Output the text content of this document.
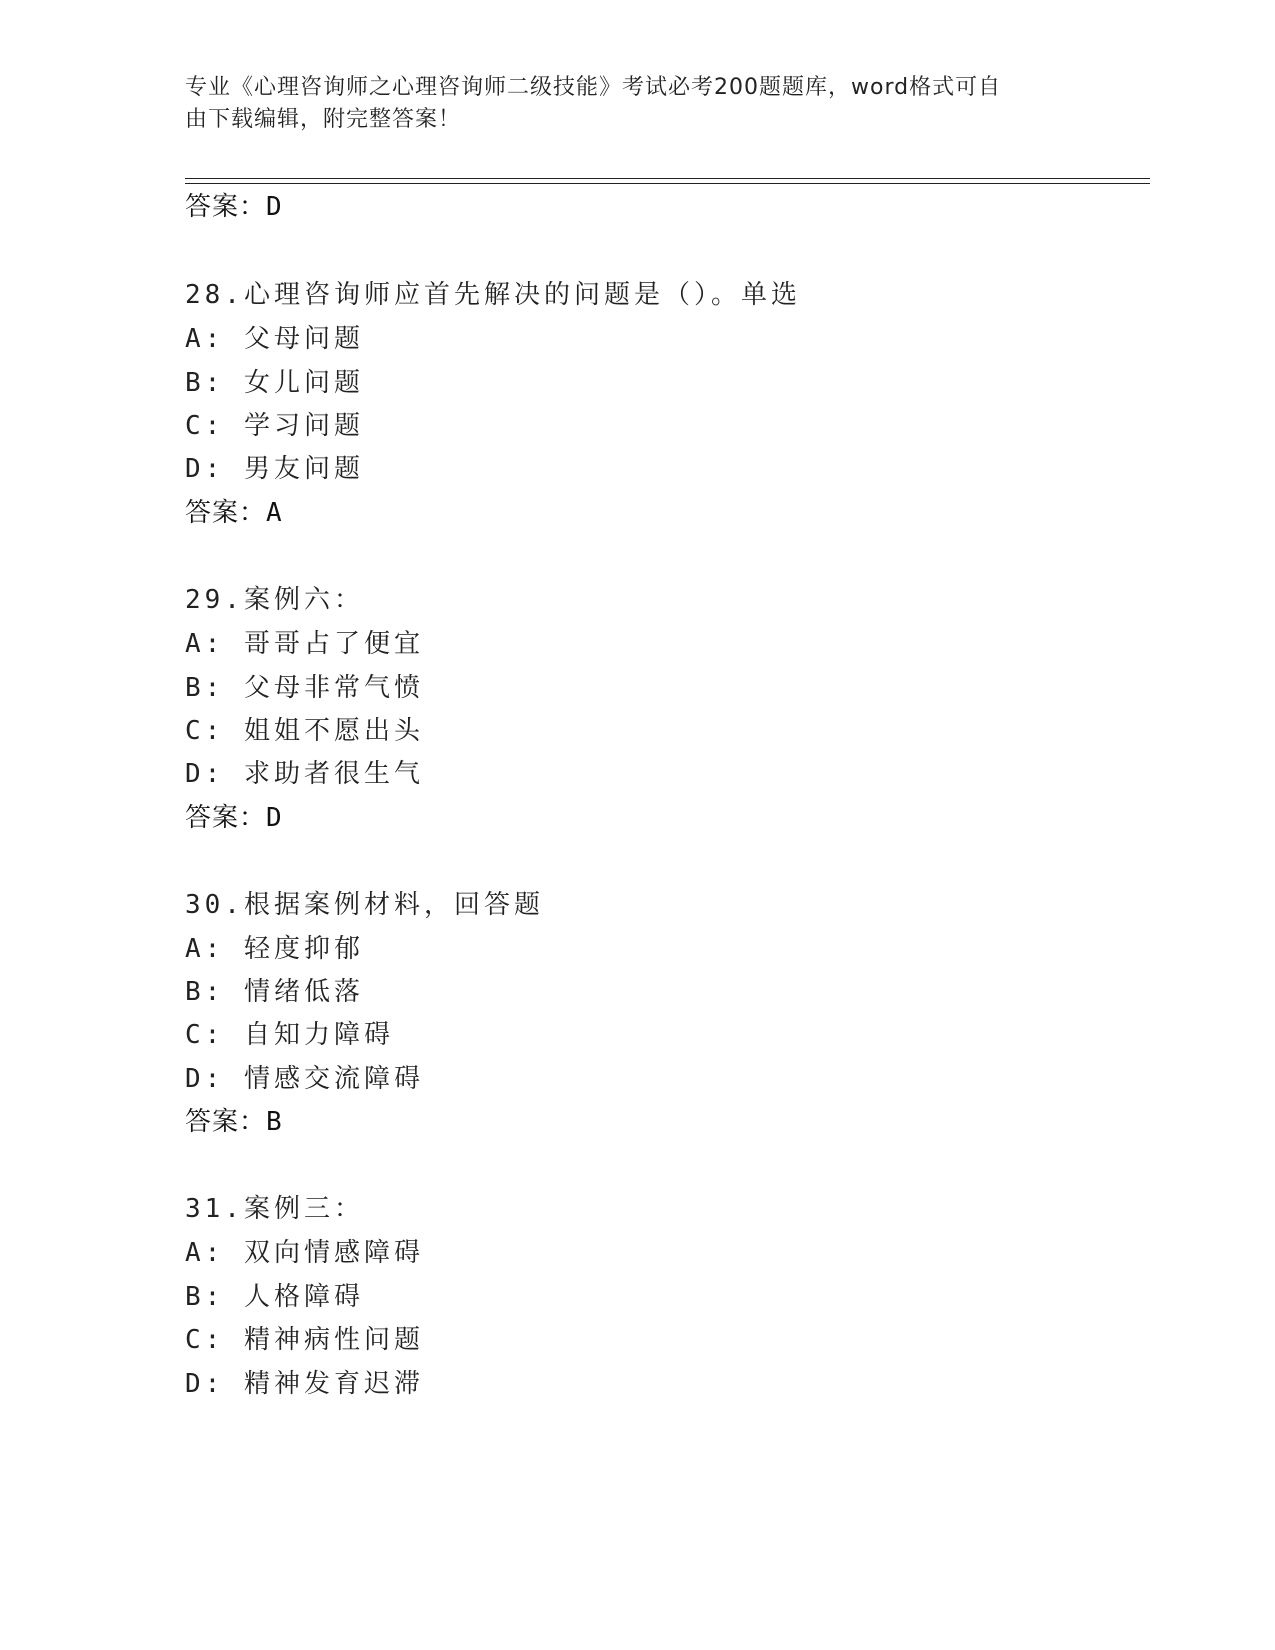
专业《心理咨询师之心理咨询师二级技能》考试必考200题题库，word格式可自
由下载编辑，附完整答案！
答案：D
28.心理咨询师应首先解决的问题是（）。单选
A: 父母问题
B: 女儿问题
C: 学习问题
D: 男友问题
答案：A
29.案例六：
A: 哥哥占了便宜
B: 父母非常气愤
C: 姐姐不愿出头
D: 求助者很生气
答案：D
30.根据案例材料，回答题
A: 轻度抑郁
B: 情绪低落
C: 自知力障碍
D: 情感交流障碍
答案：B
31.案例三：
A: 双向情感障碍
B: 人格障碍
C: 精神病性问题
D: 精神发育迟滞
